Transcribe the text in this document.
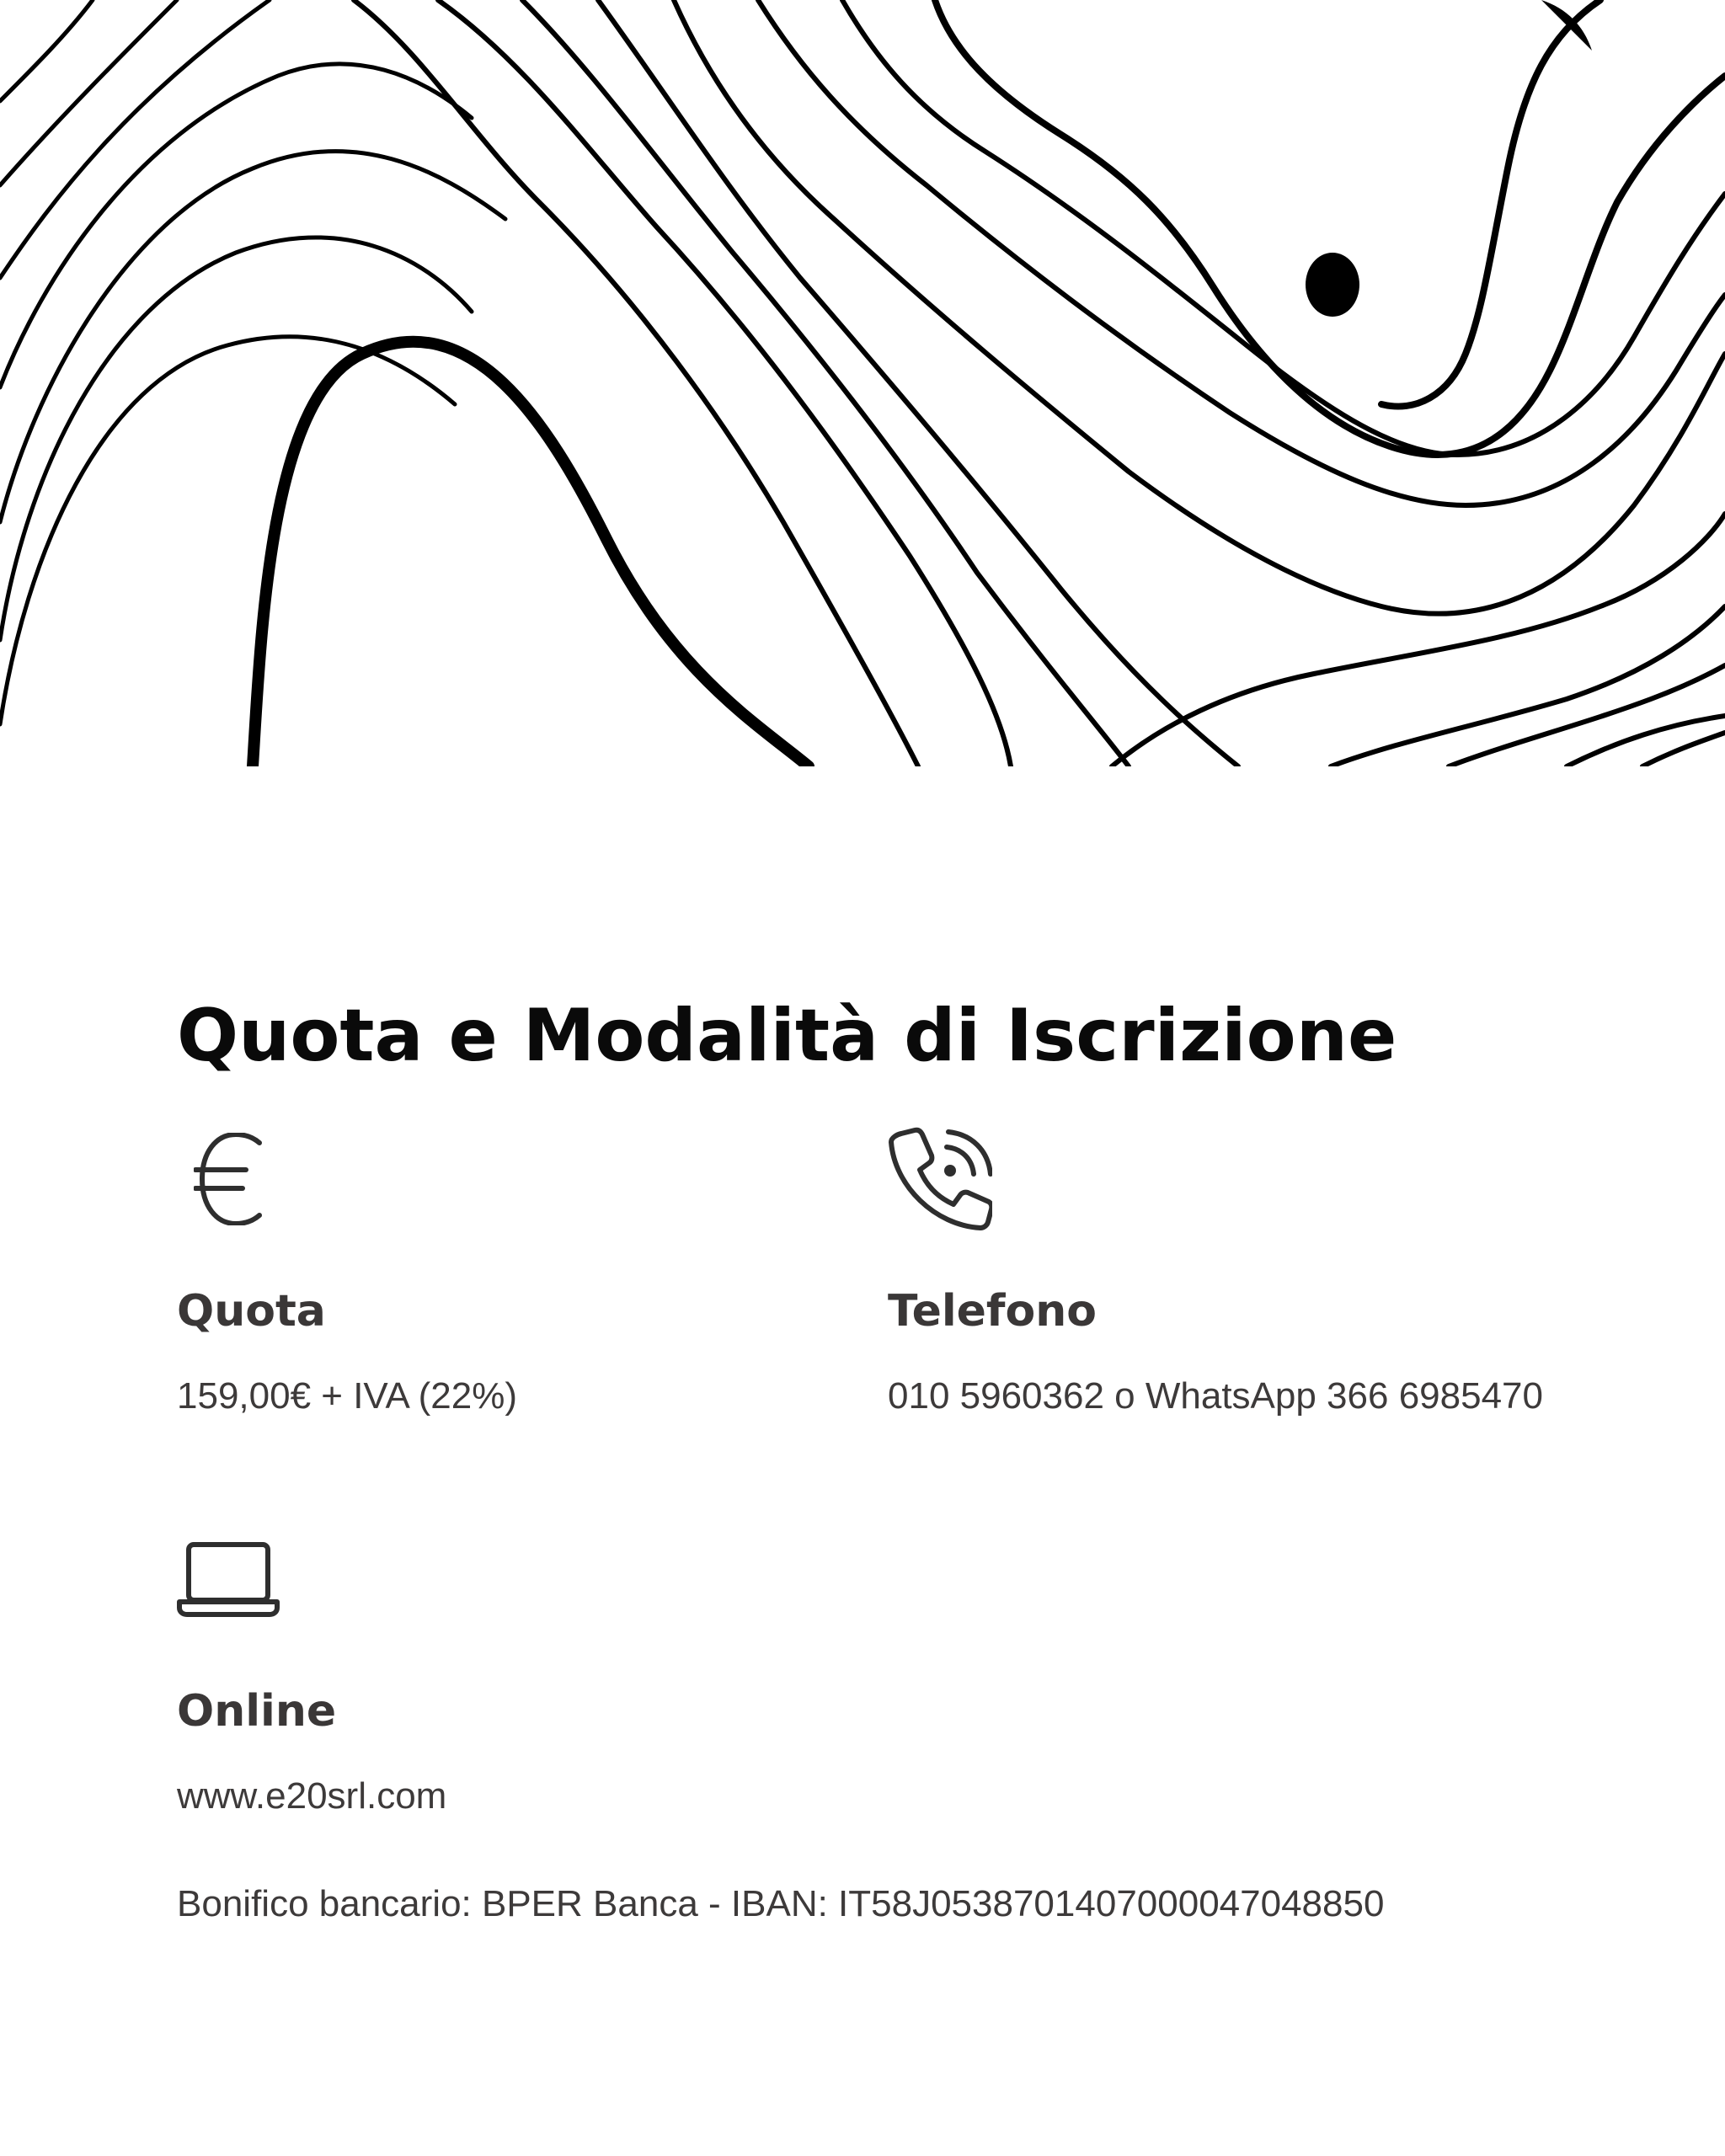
Quota e Modalità di Iscrizione

Quota

159,00€ + IVA (22%)

Telefono

010 5960362 o WhatsApp 366 6985470

Online

www.e20srl.com

Bonifico bancario: BPER Banca - IBAN: IT58J0538701407000047048850
